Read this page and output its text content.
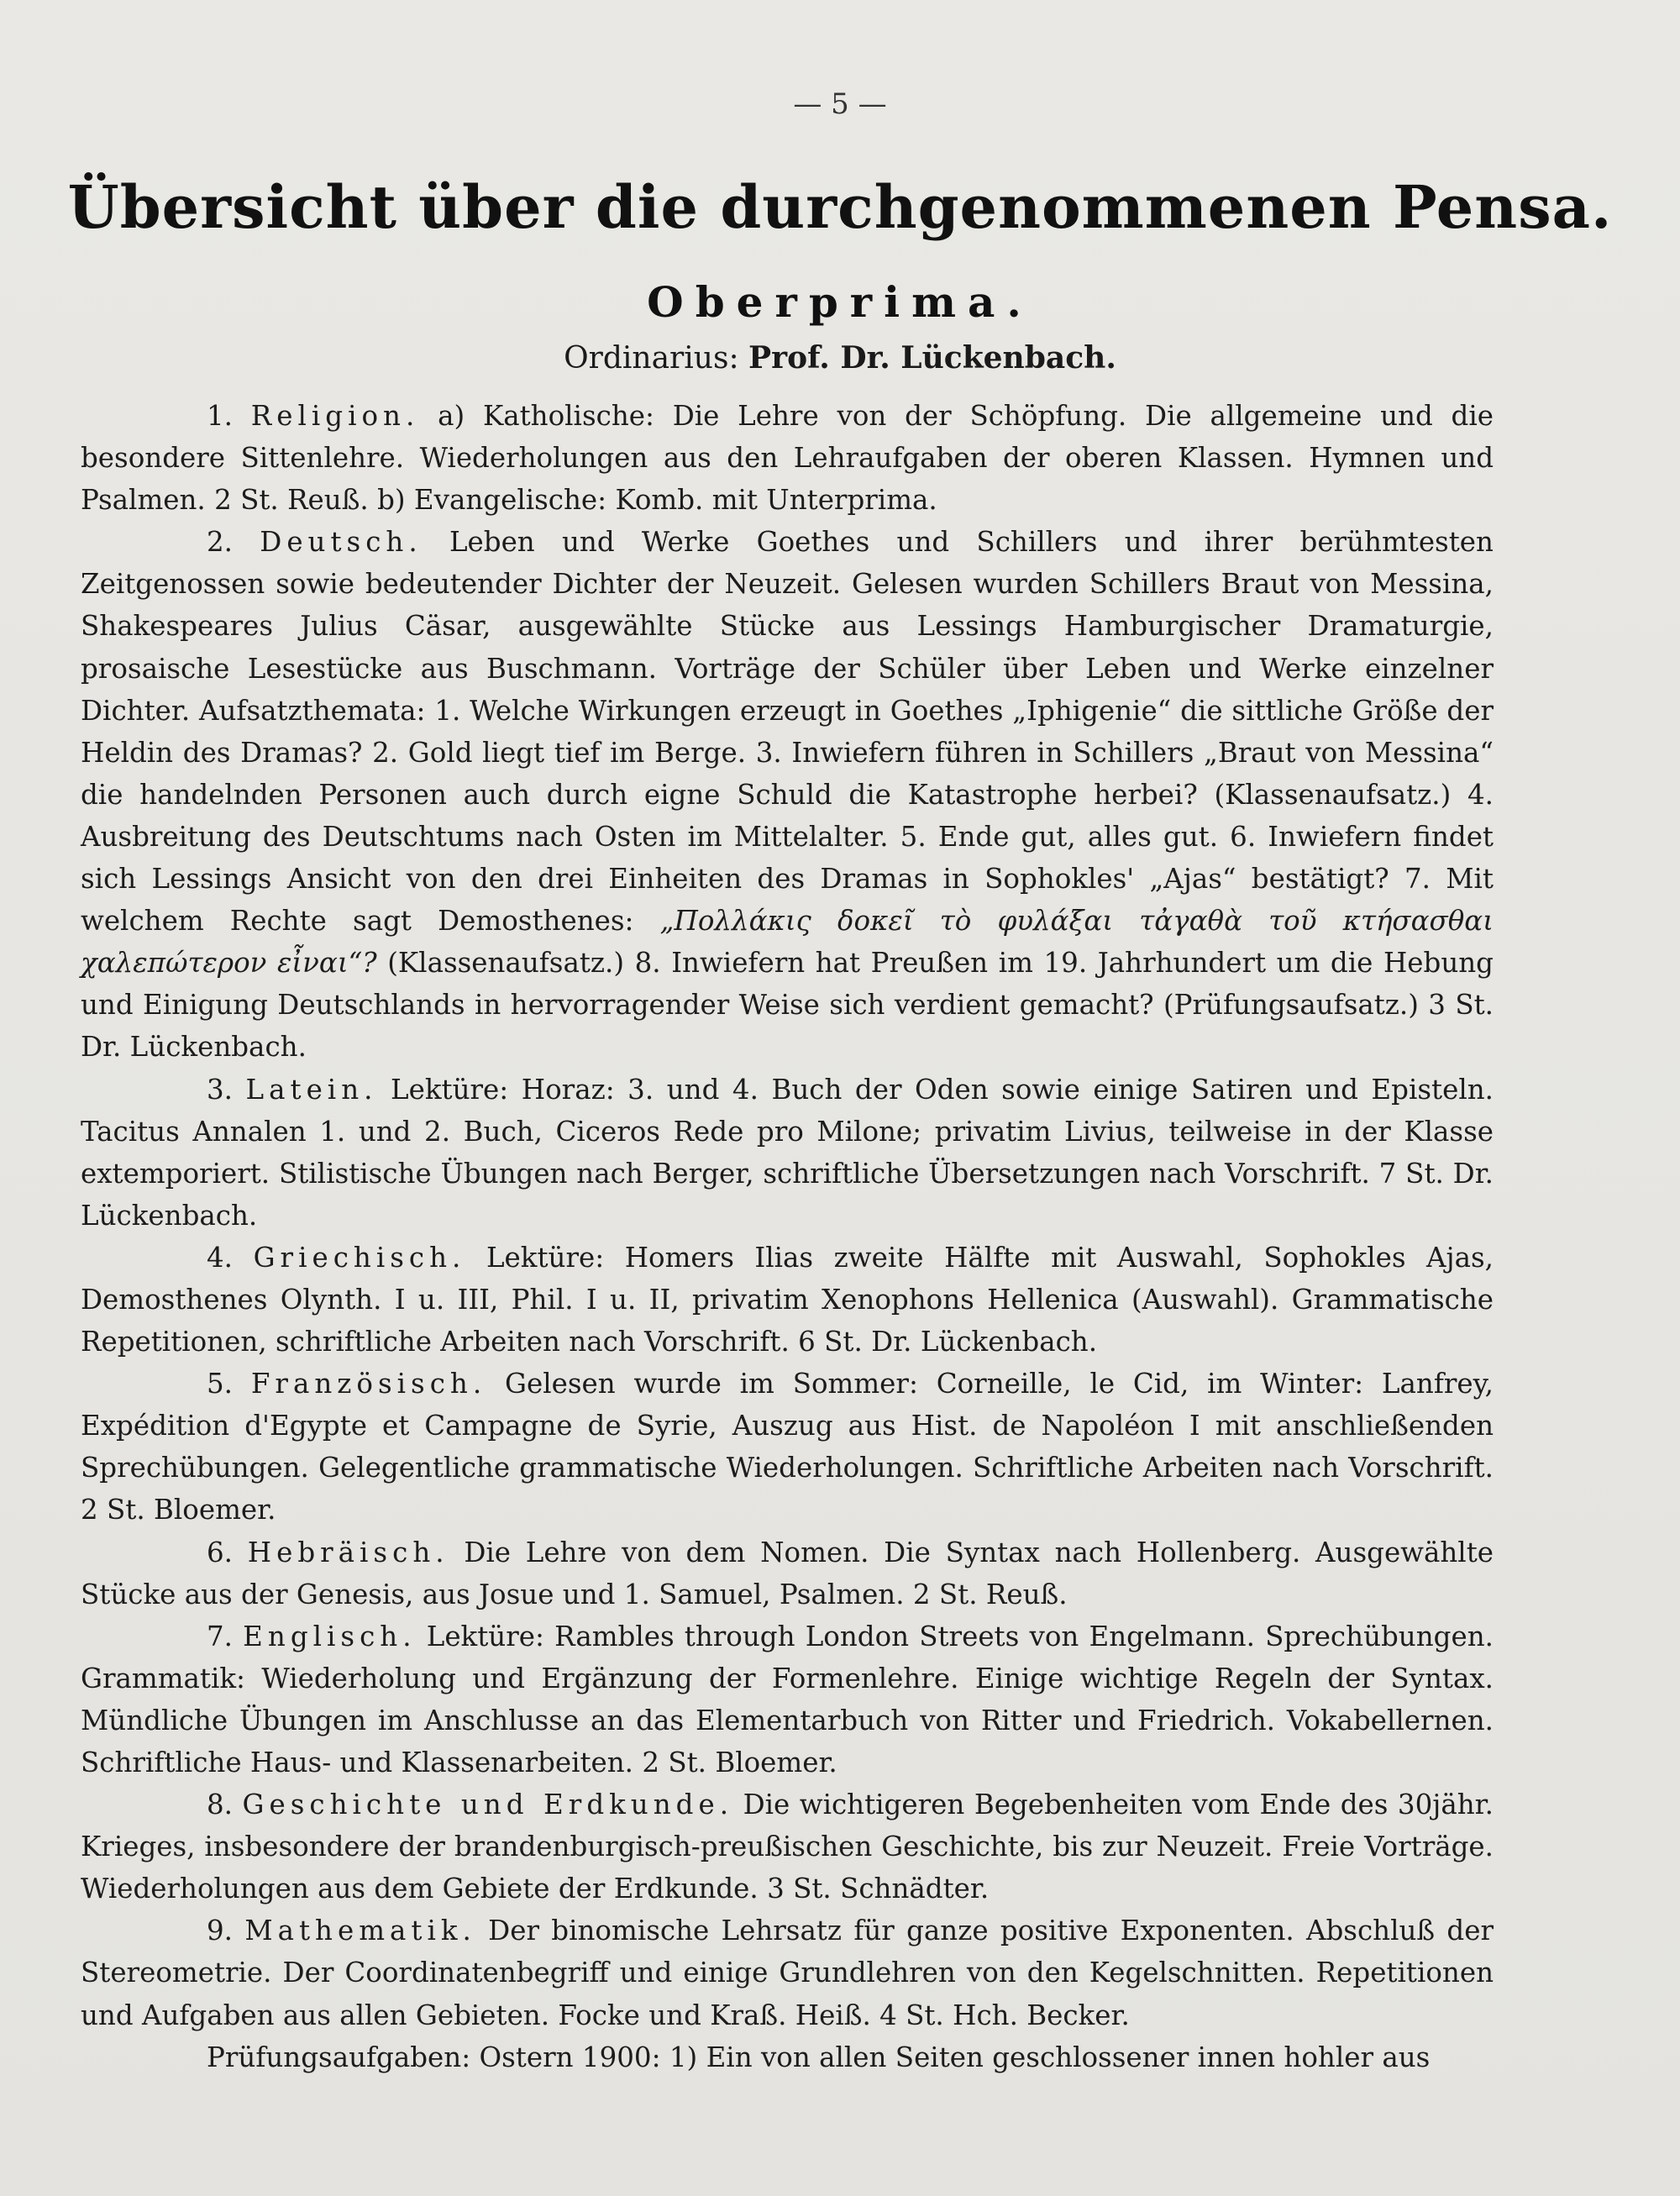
— 5 —
Übersicht über die durchgenommenen Pensa.
Oberprima.
Ordinarius: Prof. Dr. Lückenbach.

1. Religion. a) Katholische: Die Lehre von der Schöpfung. Die allgemeine und die besondere Sittenlehre. Wiederholungen aus den Lehraufgaben der oberen Klassen. Hymnen und Psalmen. 2 St. Reuß. b) Evangelische: Komb. mit Unterprima.

2. Deutsch. Leben und Werke Goethes und Schillers und ihrer berühmtesten Zeitgenossen sowie bedeutender Dichter der Neuzeit. Gelesen wurden Schillers Braut von Messina, Shakespeares Julius Cäsar, ausgewählte Stücke aus Lessings Hamburgischer Dramaturgie, prosaische Lesestücke aus Buschmann. Vorträge der Schüler über Leben und Werke einzelner Dichter. Aufsatzthemata: 1. Welche Wirkungen erzeugt in Goethes „Iphigenie“ die sittliche Größe der Heldin des Dramas? 2. Gold liegt tief im Berge. 3. Inwiefern führen in Schillers „Braut von Messina“ die handelnden Personen auch durch eigne Schuld die Katastrophe herbei? (Klassenaufsatz.) 4. Ausbreitung des Deutschtums nach Osten im Mittelalter. 5. Ende gut, alles gut. 6. Inwiefern findet sich Lessings Ansicht von den drei Einheiten des Dramas in Sophokles' „Ajas“ bestätigt? 7. Mit welchem Rechte sagt Demosthenes: „Πολλάκις δοκεῖ τὸ φυλάξαι τἀγαθὰ τοῦ κτήσασθαι χαλεπώτερον εἶναι“? (Klassenaufsatz.) 8. Inwiefern hat Preußen im 19. Jahrhundert um die Hebung und Einigung Deutschlands in hervorragender Weise sich verdient gemacht? (Prüfungsaufsatz.) 3 St. Dr. Lückenbach.

3. Latein. Lektüre: Horaz: 3. und 4. Buch der Oden sowie einige Satiren und Episteln. Tacitus Annalen 1. und 2. Buch, Ciceros Rede pro Milone; privatim Livius, teilweise in der Klasse extemporiert. Stilistische Übungen nach Berger, schriftliche Übersetzungen nach Vorschrift. 7 St. Dr. Lückenbach.

4. Griechisch. Lektüre: Homers Ilias zweite Hälfte mit Auswahl, Sophokles Ajas, Demosthenes Olynth. I u. III, Phil. I u. II, privatim Xenophons Hellenica (Auswahl). Grammatische Repetitionen, schriftliche Arbeiten nach Vorschrift. 6 St. Dr. Lückenbach.

5. Französisch. Gelesen wurde im Sommer: Corneille, le Cid, im Winter: Lanfrey, Expédition d'Egypte et Campagne de Syrie, Auszug aus Hist. de Napoléon I mit anschließenden Sprechübungen. Gelegentliche grammatische Wiederholungen. Schriftliche Arbeiten nach Vorschrift. 2 St. Bloemer.

6. Hebräisch. Die Lehre von dem Nomen. Die Syntax nach Hollenberg. Ausgewählte Stücke aus der Genesis, aus Josue und 1. Samuel, Psalmen. 2 St. Reuß.

7. Englisch. Lektüre: Rambles through London Streets von Engelmann. Sprechübungen. Grammatik: Wiederholung und Ergänzung der Formenlehre. Einige wichtige Regeln der Syntax. Mündliche Übungen im Anschlusse an das Elementarbuch von Ritter und Friedrich. Vokabellernen. Schriftliche Haus- und Klassenarbeiten. 2 St. Bloemer.

8. Geschichte und Erdkunde. Die wichtigeren Begebenheiten vom Ende des 30jähr. Krieges, insbesondere der brandenburgisch-preußischen Geschichte, bis zur Neuzeit. Freie Vorträge. Wiederholungen aus dem Gebiete der Erdkunde. 3 St. Schnädter.

9. Mathematik. Der binomische Lehrsatz für ganze positive Exponenten. Abschluß der Stereometrie. Der Coordinatenbegriff und einige Grundlehren von den Kegelschnitten. Repetitionen und Aufgaben aus allen Gebieten. Focke und Kraß. Heiß. 4 St. Hch. Becker.

Prüfungsaufgaben: Ostern 1900: 1) Ein von allen Seiten geschlossener innen hohler aus
